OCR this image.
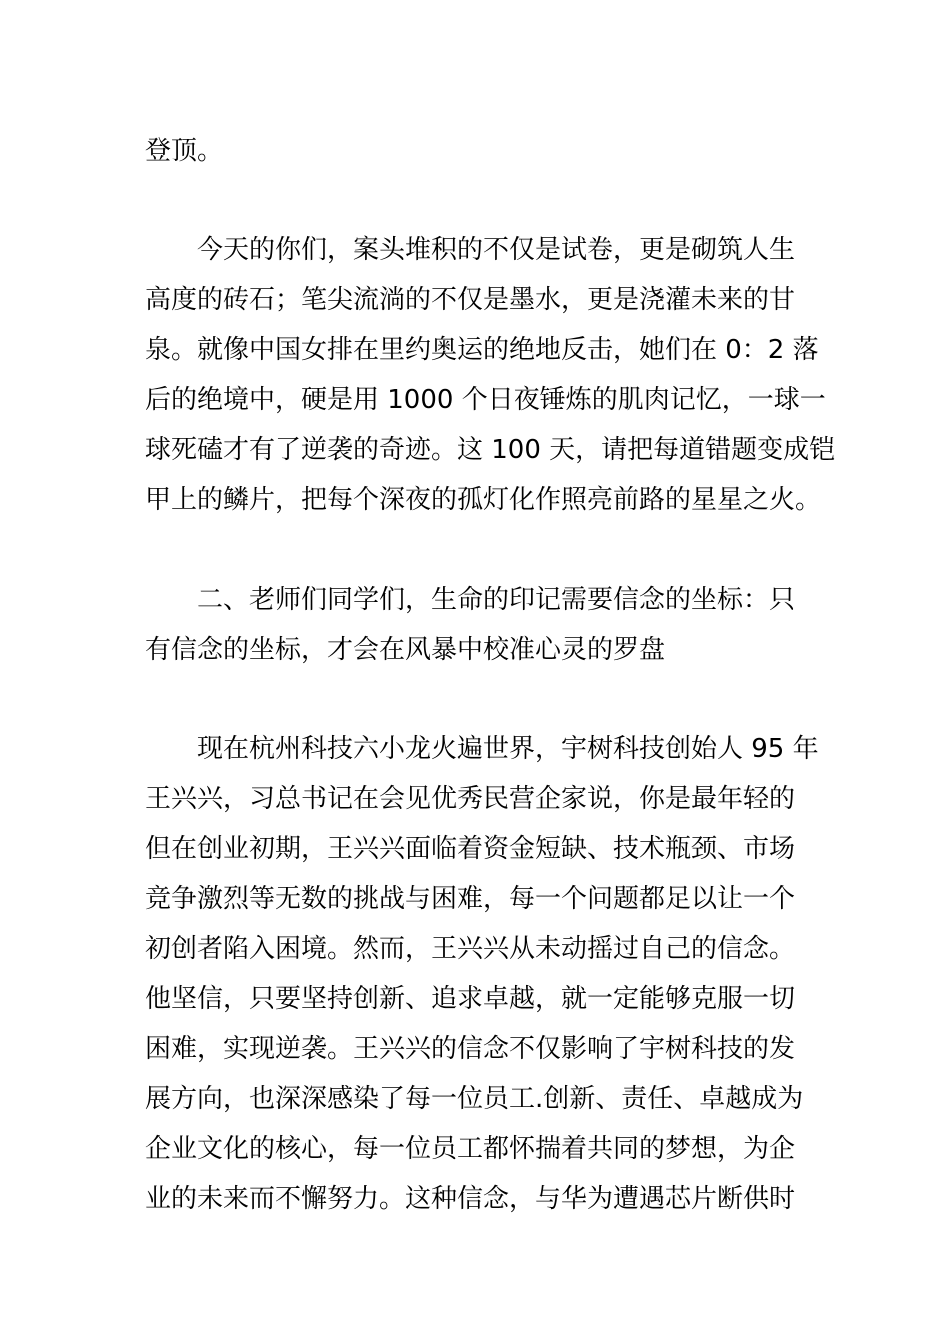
登顶。
今天的你们，案头堆积的不仅是试卷，更是砌筑人生
高度的砖石；笔尖流淌的不仅是墨水，更是浇灌未来的甘
泉。就像中国女排在里约奥运的绝地反击，她们在 0：2 落
后的绝境中，硬是用 1000 个日夜锤炼的肌肉记忆，一球一
球死磕才有了逆袭的奇迹。这 100 天，请把每道错题变成铠
甲上的鳞片，把每个深夜的孤灯化作照亮前路的星星之火。
二、老师们同学们，生命的印记需要信念的坐标：只
有信念的坐标，才会在风暴中校准心灵的罗盘
现在杭州科技六小龙火遍世界，宇树科技创始人 95 年
王兴兴，习总书记在会见优秀民营企家说，你是最年轻的
但在创业初期，王兴兴面临着资金短缺、技术瓶颈、市场
竞争激烈等无数的挑战与困难，每一个问题都足以让一个
初创者陷入困境。然而，王兴兴从未动摇过自己的信念。
他坚信，只要坚持创新、追求卓越，就一定能够克服一切
困难，实现逆袭。王兴兴的信念不仅影响了宇树科技的发
展方向，也深深感染了每一位员工.创新、责任、卓越成为
企业文化的核心，每一位员工都怀揣着共同的梦想，为企
业的未来而不懈努力。这种信念，与华为遭遇芯片断供时
